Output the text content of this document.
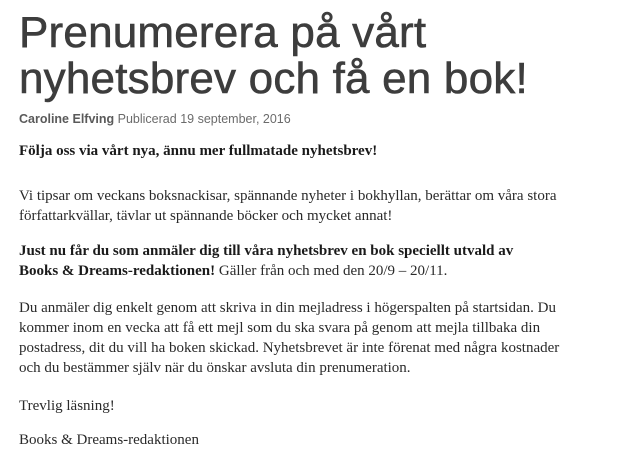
Prenumerera på vårt
nyhetsbrev och få en bok!
Caroline Elfving Publicerad 19 september, 2016

Följa oss via vårt nya, ännu mer fullmatade nyhetsbrev!

Vi tipsar om veckans boksnackisar, spännande nyheter i bokhyllan, berättar om våra stora
författarkvällar, tävlar ut spännande böcker och mycket annat!

Just nu får du som anmäler dig till våra nyhetsbrev en bok speciellt utvald av
Books & Dreams-redaktionen! Gäller från och med den 20/9 – 20/11.

Du anmäler dig enkelt genom att skriva in din mejladress i högerspalten på startsidan. Du
kommer inom en vecka att få ett mejl som du ska svara på genom att mejla tillbaka din
postadress, dit du vill ha boken skickad. Nyhetsbrevet är inte förenat med några kostnader
och du bestämmer själv när du önskar avsluta din prenumeration.

Trevlig läsning!

Books & Dreams-redaktionen
